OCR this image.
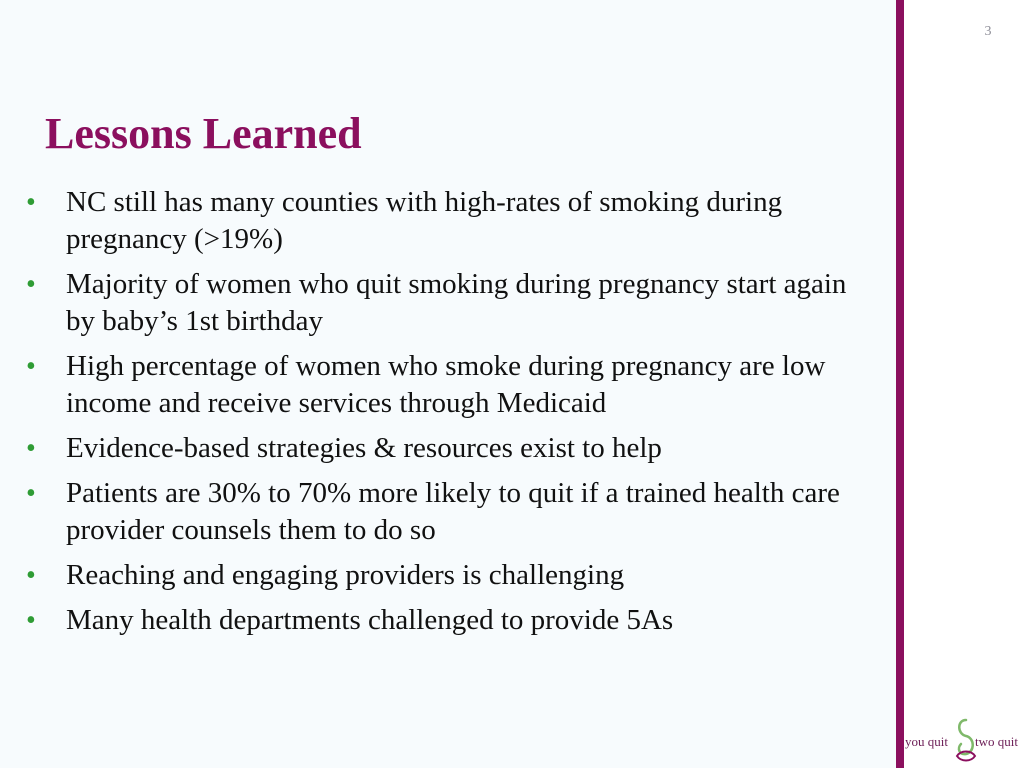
3
Lessons Learned
• NC still has many counties with high-rates of smoking during pregnancy (>19%)
• Majority of women who quit smoking during pregnancy start again by baby’s 1st birthday
• High percentage of women who smoke during pregnancy are low income and receive services through Medicaid
• Evidence-based strategies & resources exist to help
• Patients are 30% to 70% more likely to quit if a trained health care provider counsels them to do so
• Reaching and engaging providers is challenging
• Many health departments challenged to provide 5As
you quit two quit
